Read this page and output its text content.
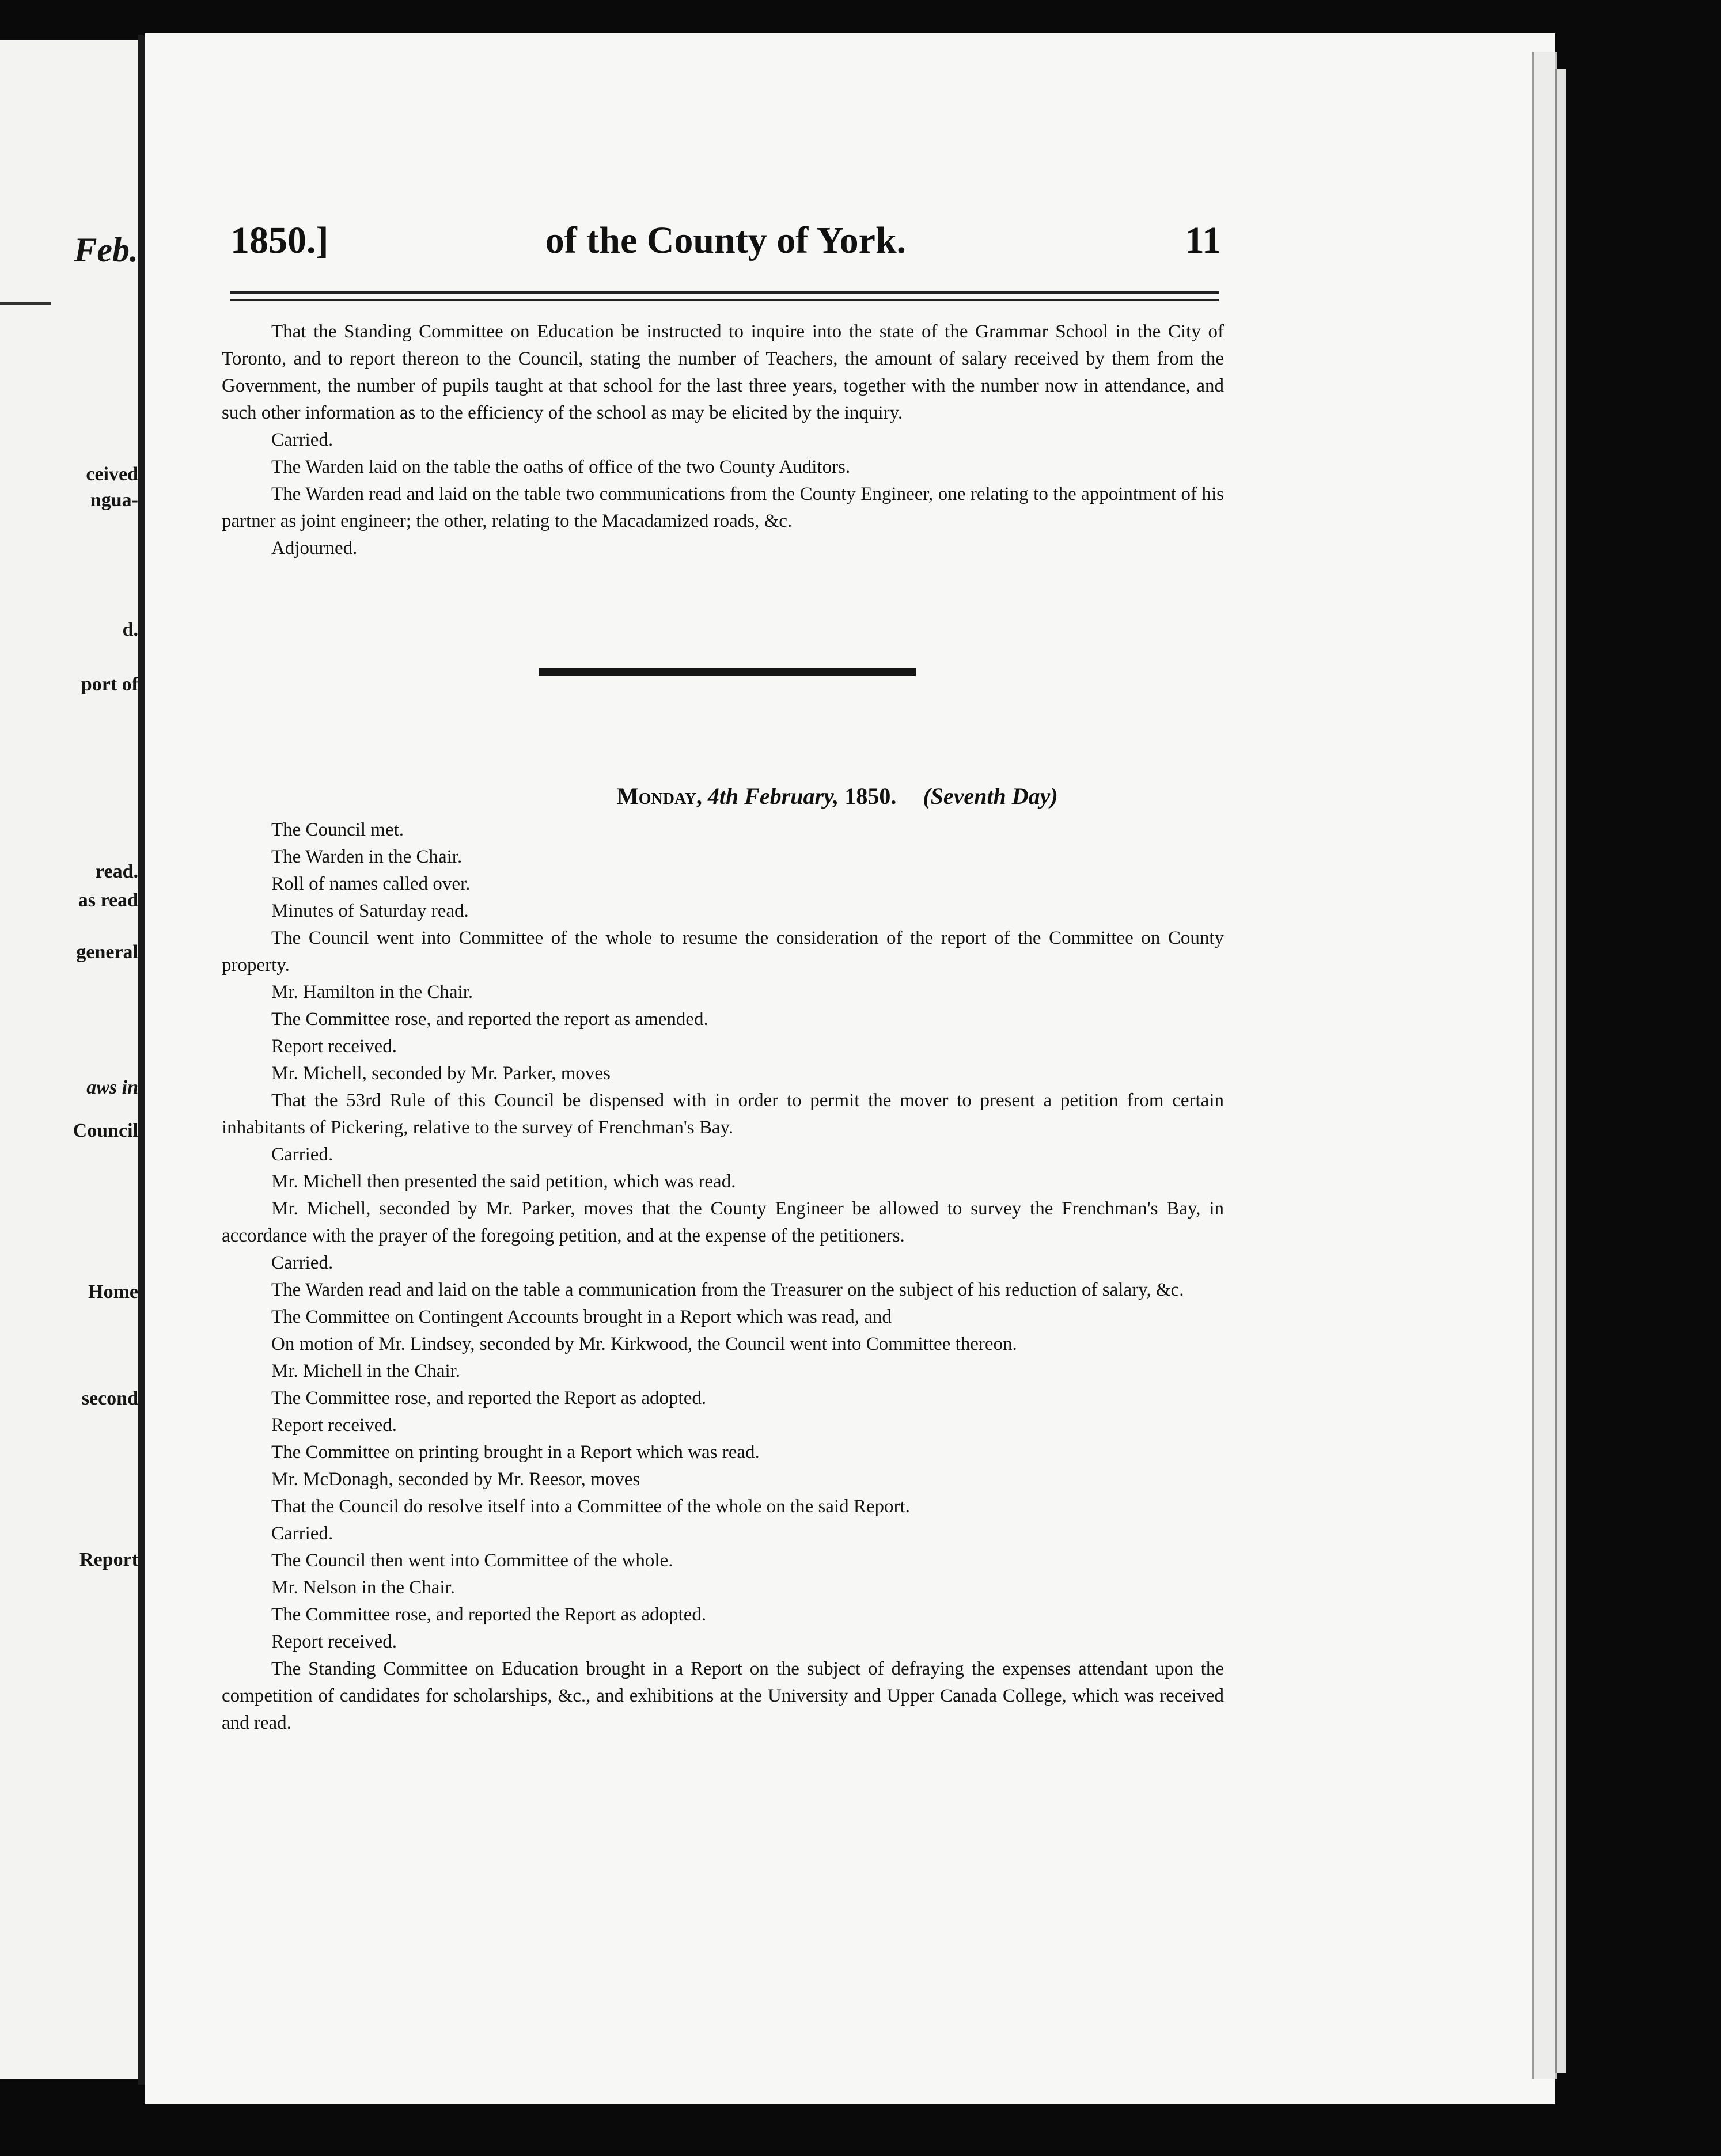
Feb.
ceived
ngua-
d.
port of
read.
as read
general
aws in
Council
Home
second
Report
1850.]	of the County of York.	11

That the Standing Committee on Education be instructed to inquire into the state of the Grammar School in the City of Toronto, and to report thereon to the Council, stating the number of Teachers, the amount of salary received by them from the Government, the number of pupils taught at that school for the last three years, together with the number now in attendance, and such other information as to the efficiency of the school as may be elicited by the inquiry.

Carried.

The Warden laid on the table the oaths of office of the two County Auditors.

The Warden read and laid on the table two communications from the County Engineer, one relating to the appointment of his partner as joint engineer; the other, relating to the Macadamized roads, &c.

Adjourned.

Monday, 4th February, 1850. (Seventh Day)

The Council met.

The Warden in the Chair.

Roll of names called over.

Minutes of Saturday read.

The Council went into Committee of the whole to resume the consideration of the report of the Committee on County property.

Mr. Hamilton in the Chair.

The Committee rose, and reported the report as amended.

Report received.

Mr. Michell, seconded by Mr. Parker, moves

That the 53rd Rule of this Council be dispensed with in order to permit the mover to present a petition from certain inhabitants of Pickering, relative to the survey of Frenchman's Bay.

Carried.

Mr. Michell then presented the said petition, which was read.

Mr. Michell, seconded by Mr. Parker, moves that the County Engineer be allowed to survey the Frenchman's Bay, in accordance with the prayer of the foregoing petition, and at the expense of the petitioners.

Carried.

The Warden read and laid on the table a communication from the Treasurer on the subject of his reduction of salary, &c.

The Committee on Contingent Accounts brought in a Report which was read, and

On motion of Mr. Lindsey, seconded by Mr. Kirkwood, the Council went into Committee thereon.

Mr. Michell in the Chair.

The Committee rose, and reported the Report as adopted.

Report received.

The Committee on printing brought in a Report which was read.

Mr. McDonagh, seconded by Mr. Reesor, moves

That the Council do resolve itself into a Committee of the whole on the said Report.

Carried.

The Council then went into Committee of the whole.

Mr. Nelson in the Chair.

The Committee rose, and reported the Report as adopted.

Report received.

The Standing Committee on Education brought in a Report on the subject of defraying the expenses attendant upon the competition of candidates for scholarships, &c., and exhibitions at the University and Upper Canada College, which was received and read.
